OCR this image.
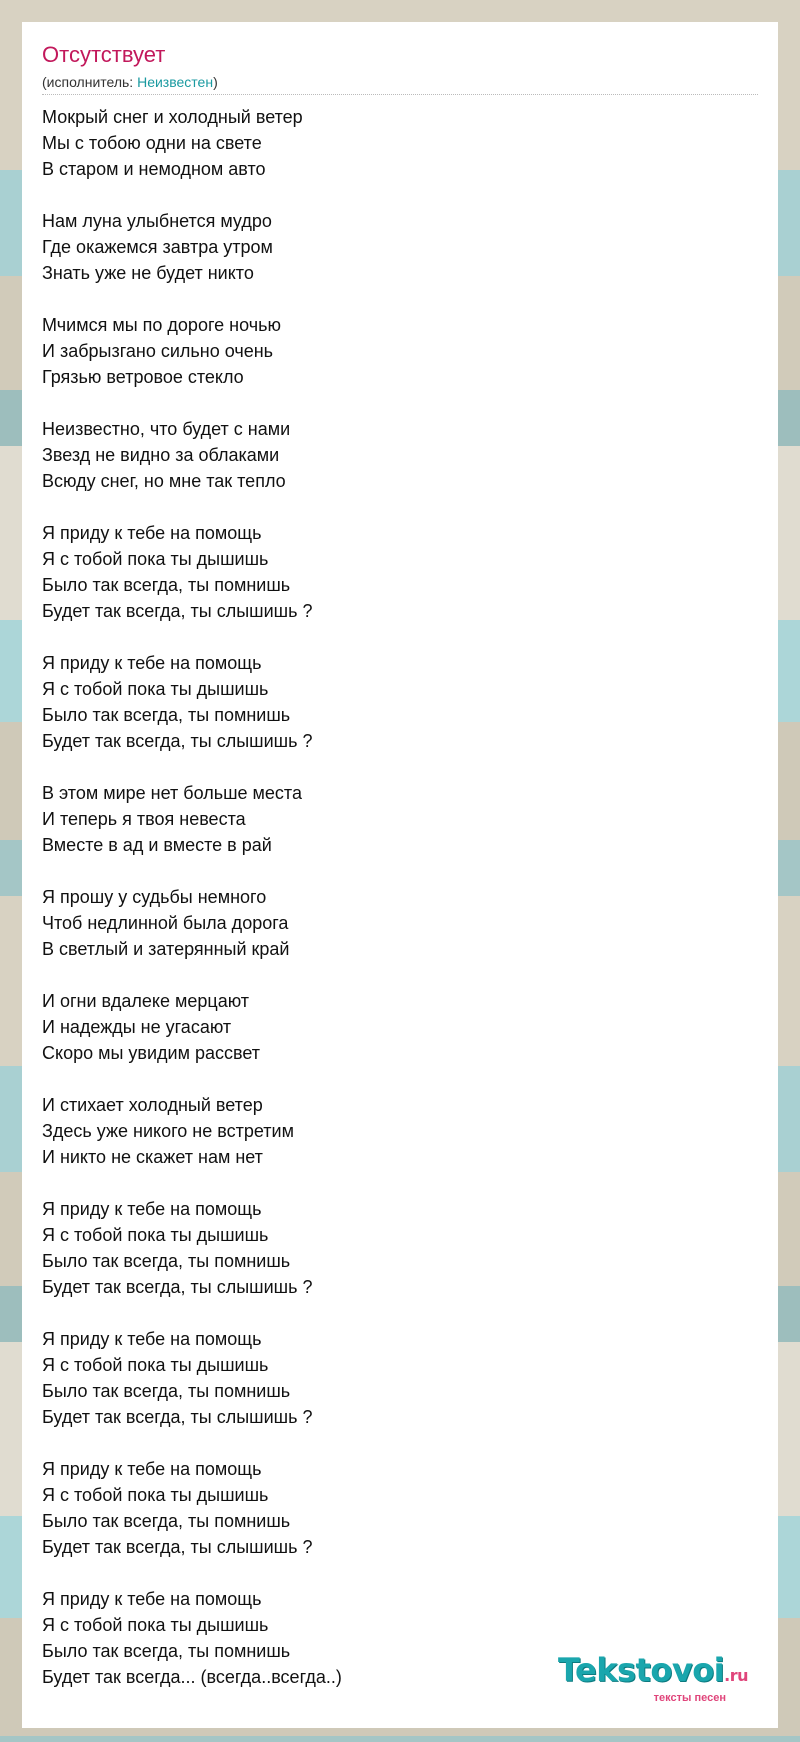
Отсутствует
(исполнитель: Неизвестен)

Мокрый снег и холодный ветер
Мы с тобою одни на свете
В старом и немодном авто

Нам луна улыбнется мудро
Где окажемся завтра утром
Знать уже не будет никто

Мчимся мы по дороге ночью
И забрызгано сильно очень
Грязью ветровое стекло

Неизвестно, что будет с нами
Звезд не видно за облаками
Всюду снег, но мне так тепло

Я приду к тебе на помощь
Я с тобой пока ты дышишь
Было так всегда, ты помнишь
Будет так всегда, ты слышишь ?

Я приду к тебе на помощь
Я с тобой пока ты дышишь
Было так всегда, ты помнишь
Будет так всегда, ты слышишь ?

В этом мире нет больше места
И теперь я твоя невеста
Вместе в ад и вместе в рай

Я прошу у судьбы немного
Чтоб недлинной была дорога
В светлый и затерянный край

И огни вдалеке мерцают
И надежды не угасают
Скоро мы увидим рассвет

И стихает холодный ветер
Здесь уже никого не встретим
И никто не скажет нам нет

Я приду к тебе на помощь
Я с тобой пока ты дышишь
Было так всегда, ты помнишь
Будет так всегда, ты слышишь ?

Я приду к тебе на помощь
Я с тобой пока ты дышишь
Было так всегда, ты помнишь
Будет так всегда, ты слышишь ?

Я приду к тебе на помощь
Я с тобой пока ты дышишь
Было так всегда, ты помнишь
Будет так всегда, ты слышишь ?

Я приду к тебе на помощь
Я с тобой пока ты дышишь
Было так всегда, ты помнишь
Будет так всегда... (всегда..всегда..)	Tekstovoi.ru
тексты песен
